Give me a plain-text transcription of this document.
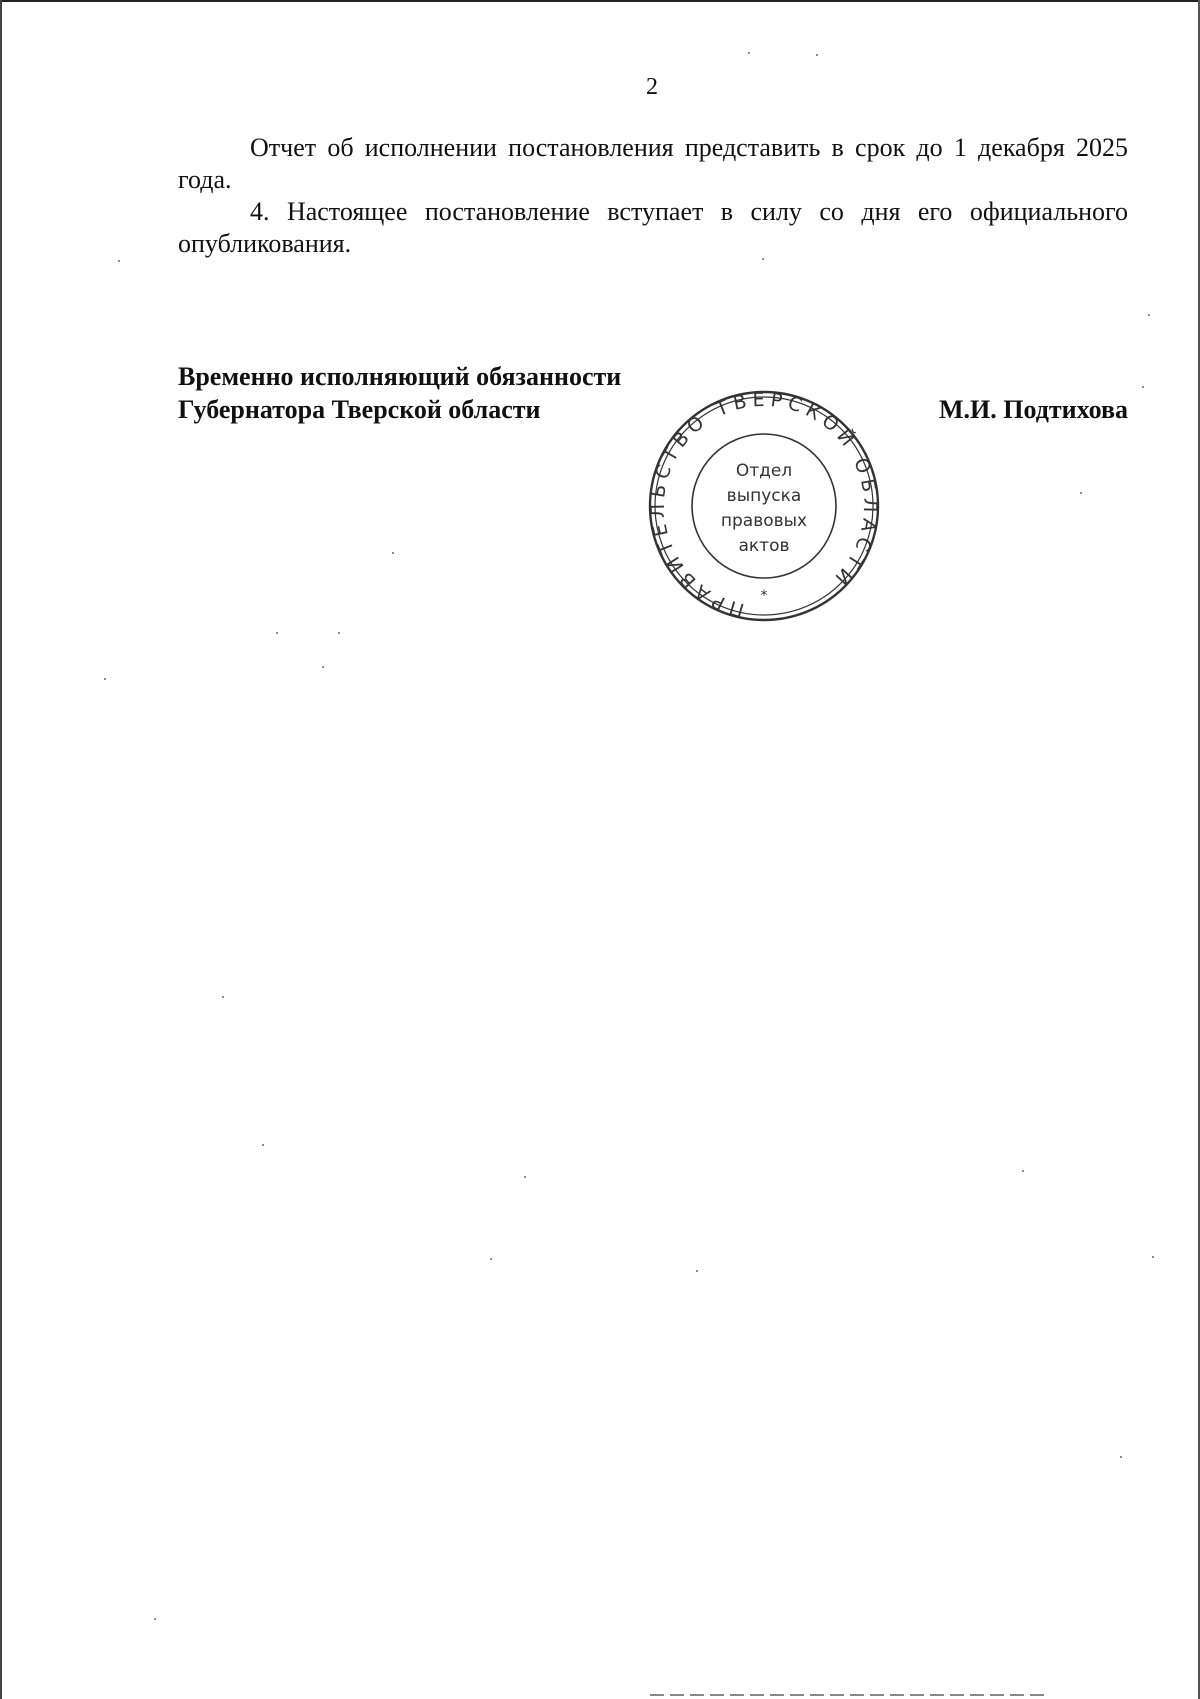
2

Отчет об исполнении постановления представить в срок до 1 декабря 2025 года.

4. Настоящее постановление вступает в силу со дня его официального опубликования.

Временно исполняющий обязанности
Губернатора Тверской области	М.И. Подтихова
ПРАВИТЕЛЬСТВО ТВЕРСКОЙ ОБЛАСТИ
Отдел
выпуска
правовых
актов
*
